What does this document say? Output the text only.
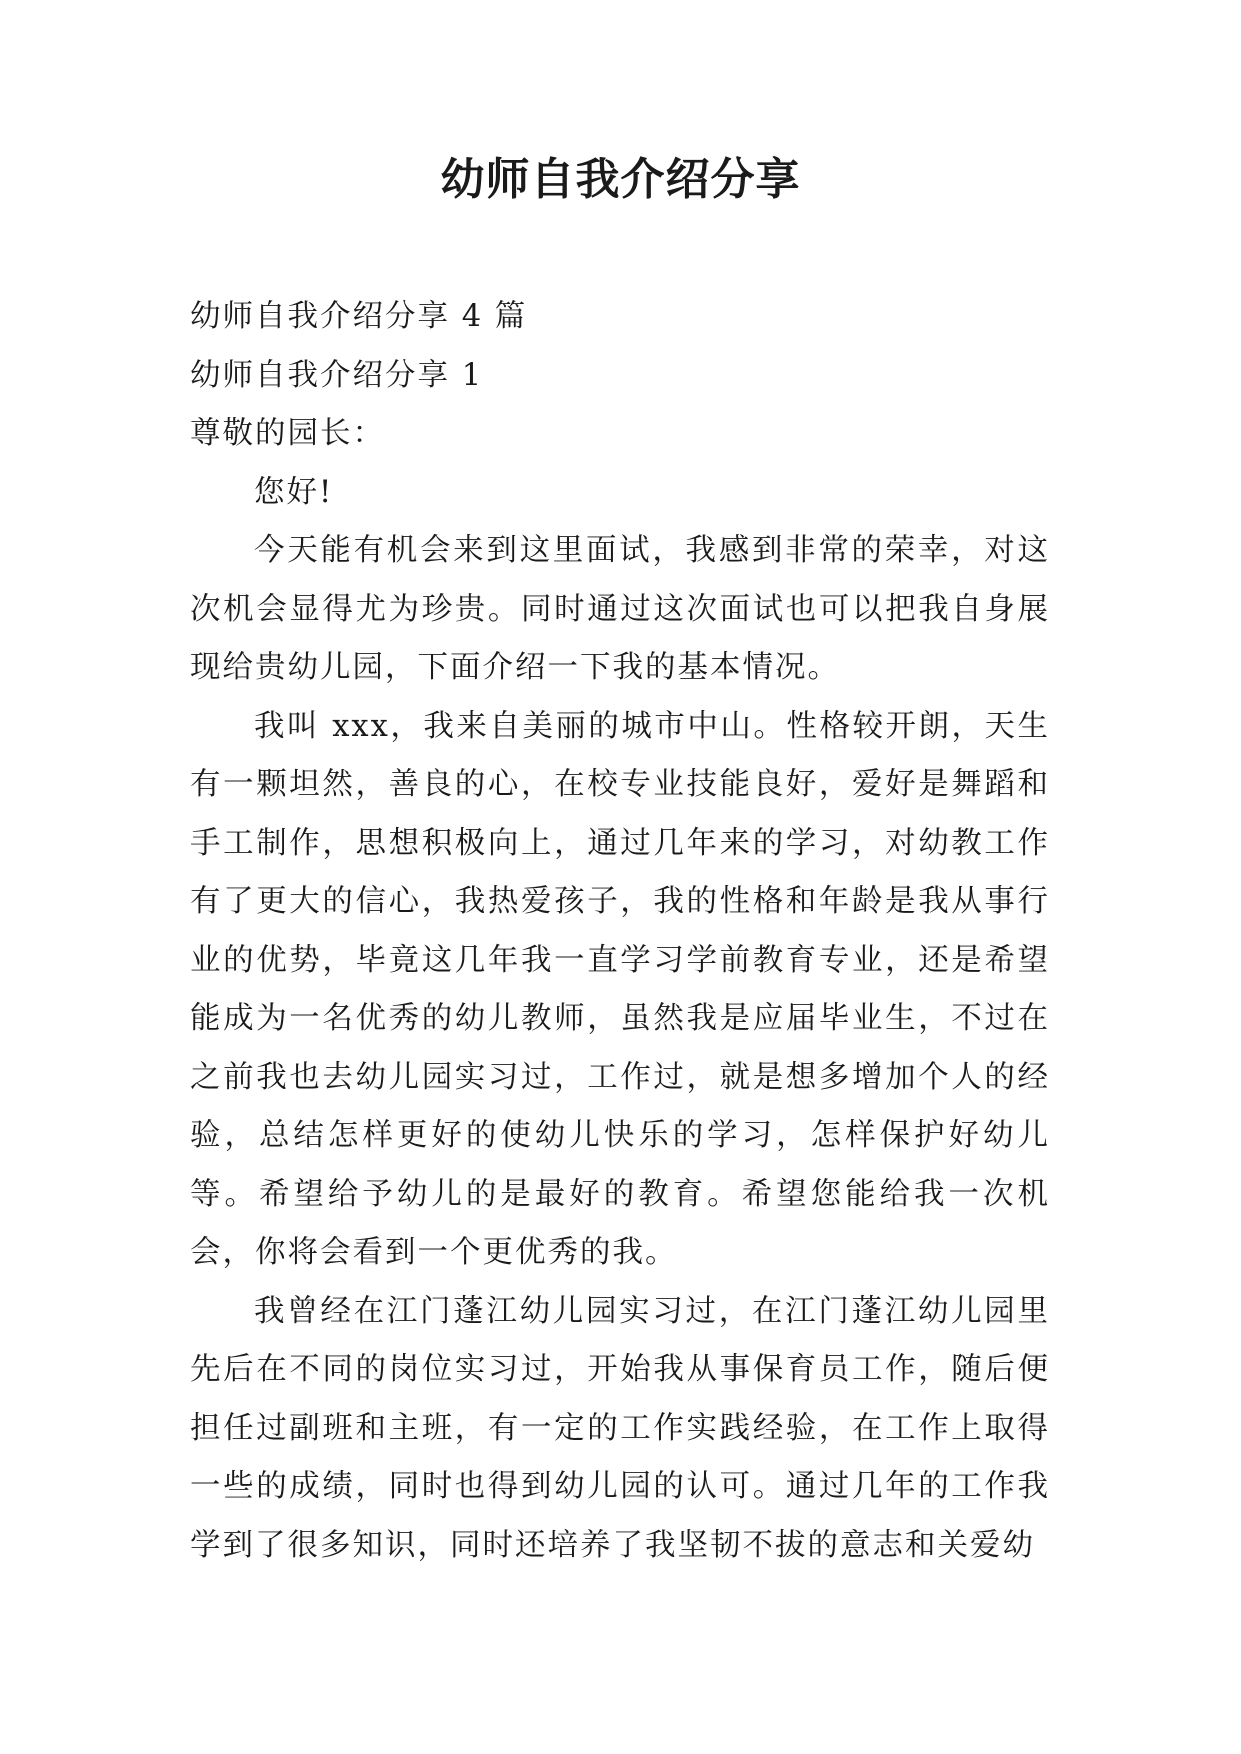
幼师自我介绍分享

幼师自我介绍分享 4 篇

幼师自我介绍分享 1

尊敬的园长：

您好!

今天能有机会来到这里面试，我感到非常的荣幸，对这次机会显得尤为珍贵。同时通过这次面试也可以把我自身展现给贵幼儿园，下面介绍一下我的基本情况。

我叫 xxx，我来自美丽的城市中山。性格较开朗，天生有一颗坦然，善良的心，在校专业技能良好，爱好是舞蹈和手工制作，思想积极向上，通过几年来的学习，对幼教工作有了更大的信心，我热爱孩子，我的性格和年龄是我从事行业的优势，毕竟这几年我一直学习学前教育专业，还是希望能成为一名优秀的幼儿教师，虽然我是应届毕业生，不过在之前我也去幼儿园实习过，工作过，就是想多增加个人的经验，总结怎样更好的使幼儿快乐的学习，怎样保护好幼儿等。希望给予幼儿的是最好的教育。希望您能给我一次机会，你将会看到一个更优秀的我。

我曾经在江门蓬江幼儿园实习过，在江门蓬江幼儿园里先后在不同的岗位实习过，开始我从事保育员工作，随后便担任过副班和主班，有一定的工作实践经验，在工作上取得一些的成绩，同时也得到幼儿园的认可。通过几年的工作我学到了很多知识，同时还培养了我坚韧不拔的意志和关爱幼
